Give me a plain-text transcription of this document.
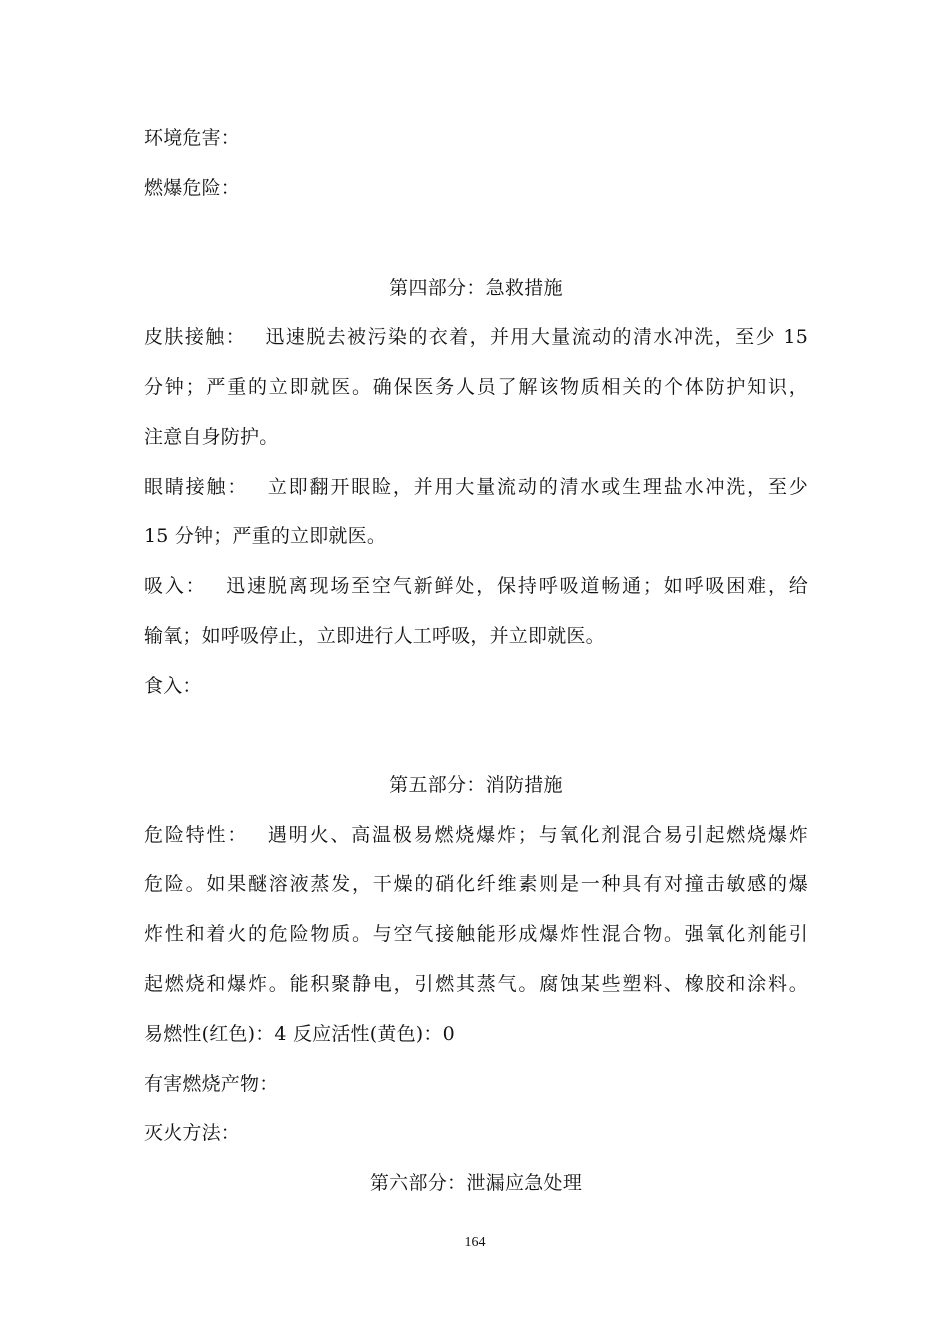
环境危害：
燃爆危险：
第四部分：急救措施
皮肤接触： 迅速脱去被污染的衣着，并用大量流动的清水冲洗，至少 15
分钟；严重的立即就医。确保医务人员了解该物质相关的个体防护知识，
注意自身防护。
眼睛接触： 立即翻开眼睑，并用大量流动的清水或生理盐水冲洗，至少
15 分钟；严重的立即就医。
吸入： 迅速脱离现场至空气新鲜处，保持呼吸道畅通；如呼吸困难，给
输氧；如呼吸停止，立即进行人工呼吸，并立即就医。
食入：
第五部分：消防措施
危险特性： 遇明火、高温极易燃烧爆炸；与氧化剂混合易引起燃烧爆炸
危险。如果醚溶液蒸发，干燥的硝化纤维素则是一种具有对撞击敏感的爆
炸性和着火的危险物质。与空气接触能形成爆炸性混合物。强氧化剂能引
起燃烧和爆炸。能积聚静电，引燃其蒸气。腐蚀某些塑料、橡胶和涂料。
易燃性(红色)：4 反应活性(黄色)：0
有害燃烧产物：
灭火方法：
第六部分：泄漏应急处理
164
